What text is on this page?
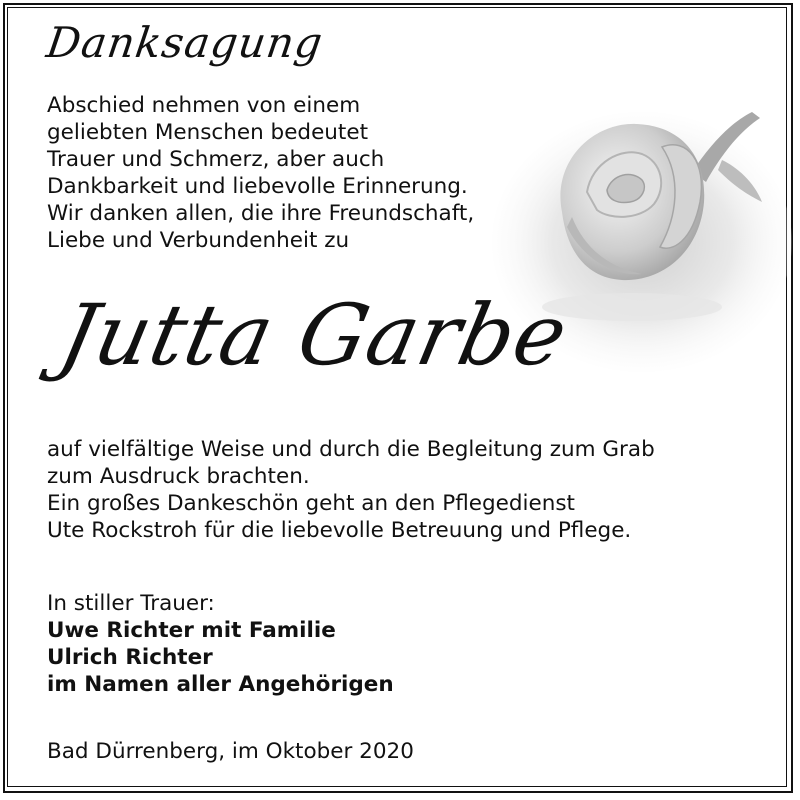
Danksagung
Abschied nehmen von einem
geliebten Menschen bedeutet
Trauer und Schmerz, aber auch
Dankbarkeit und liebevolle Erinnerung.
Wir danken allen, die ihre Freundschaft,
Liebe und Verbundenheit zu
Jutta Garbe
auf vielfältige Weise und durch die Begleitung zum Grab
zum Ausdruck brachten.
Ein großes Dankeschön geht an den Pflegedienst
Ute Rockstroh für die liebevolle Betreuung und Pflege.
In stiller Trauer:
Uwe Richter mit Familie
Ulrich Richter
im Namen aller Angehörigen
Bad Dürrenberg, im Oktober 2020
